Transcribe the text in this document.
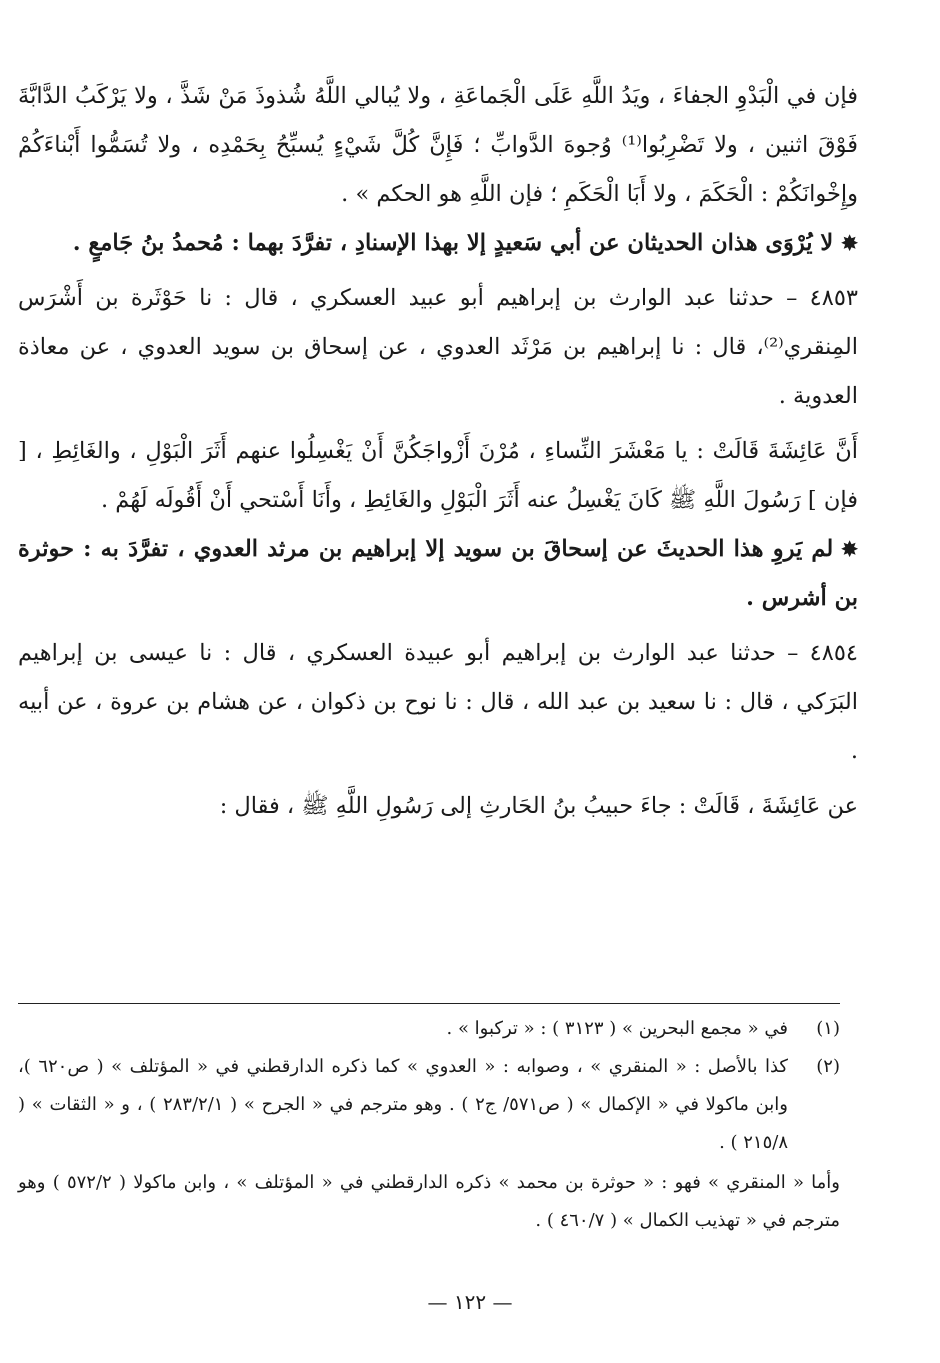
فإن في الْبَدْوِ الجفاءَ ، ويَدُ اللَّهِ عَلَى الْجَماعَةِ ، ولا يُبالي اللَّهُ شُذوذَ مَنْ شَذَّ ، ولا يَرْكَبُ الدَّابَّةَ فَوْقَ اثنين ، ولا تَضْرِبُوا⁽¹⁾ وُجوهَ الدَّوابِّ ؛ فَإِنَّ كُلَّ شَيْءٍ يُسبِّحُ بِحَمْدِه ، ولا تُسَمُّوا أَبْناءَكُمْ وإِخْوانَكُمْ : الْحَكَمَ ، ولا أَبَا الْحَكَمِ ؛ فإن اللَّهِ هو الحكم » .

✸لا يُرْوَى هذان الحديثان عن أبي سَعيدٍ إلا بهذا الإسنادِ ، تفرَّدَ بهما : مُحمدُ بنُ جَامعٍ .

٤٨٥٣ – حدثنا عبد الوارث بن إبراهيم أبو عبيد العسكري ، قال : نا حَوْثَرة بن أَشْرَس المِنقري⁽²⁾، قال : نا إبراهيم بن مَرْثَد العدوي ، عن إسحاق بن سويد العدوي ، عن معاذة العدوية .

أَنَّ عَائِشَةَ قَالَتْ : يا مَعْشَرَ النِّساءِ ، مُرْنَ أَزْواجَكُنَّ أَنْ يَغْسِلُوا عنهم أَثَرَ الْبَوْلِ ، والغَائِطِ ، [ فإن ] رَسُولَ اللَّهِ ﷺ كَانَ يَغْسِلُ عنه أَثَرَ الْبَوْلِ والغَائِطِ ، وأَنَا أَسْتحي أَنْ أَقُولَه لَهُمْ .

✸لم يَروِ هذا الحديثَ عن إسحاقَ بن سويد إلا إبراهيم بن مرثد العدوي ، تفرَّدَ به : حوثرة بن أشرس .

٤٨٥٤ – حدثنا عبد الوارث بن إبراهيم أبو عبيدة العسكري ، قال : نا عيسى بن إبراهيم البَرَكي ، قال : نا سعيد بن عبد الله ، قال : نا نوح بن ذكوان ، عن هشام بن عروة ، عن أبيه .

عن عَائِشَةَ ، قَالَتْ : جاءَ حبيبُ بنُ الحَارثِ إلى رَسُولِ اللَّهِ ﷺ ، فقال :

(١)
في « مجمع البحرين » ( ٣١٢٣ ) : « تركبوا » .
(٢)
كذا بالأصل : « المنقري » ، وصوابه : « العدوي » كما ذكره الدارقطني في « المؤتلف » ( ص٦٢٠ )، وابن ماكولا في « الإكمال » ( ص٥٧١/ ج٢ ) . وهو مترجم في « الجرح » ( ٢٨٣/٢/١ ) ، و « الثقات » ( ٢١٥/٨ ) .
وأما « المنقري » فهو : « حوثرة بن محمد » ذكره الدارقطني في « المؤتلف » ، وابن ماكولا ( ٥٧٢/٢ ) وهو مترجم في « تهذيب الكمال » ( ٤٦٠/٧ ) .
— ١٢٢ —
